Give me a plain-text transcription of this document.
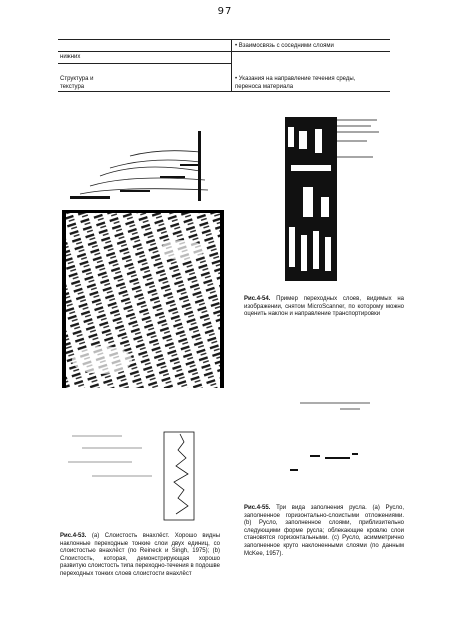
97
• Взаимосвязь с соседними слоями
нижних
Структура и	• Указания на направление течения среды,
текстура	переноса материала
Рис.4-54. Пример переходных слоев, видимых на изображении, снятом MicroScanner, по которому можно оценить наклон и направление транспортировки
Рис.4-55. Три вида заполнения русла. (а) Русло, заполненное горизонтально-слоистыми отложениями. (b) Русло, заполненное слоями, приблизительно следующими форме русла; облекающие кровлю слои становятся горизонтальными. (c) Русло, асимметрично заполненное круто наклоненными слоями (по данным McKee, 1957).
Рис.4-53. (а) Слоистость внахлёст. Хорошо видны наклонные переходные тонкие слои двух единиц, со слоистостью внахлёст (по Reineck и Singh, 1975); (b) Слоистость, которая, демонстрирующая хорошо развитую слоистость типа переходно-течения в подошве переходных тонких слоев слоистости внахлёст
